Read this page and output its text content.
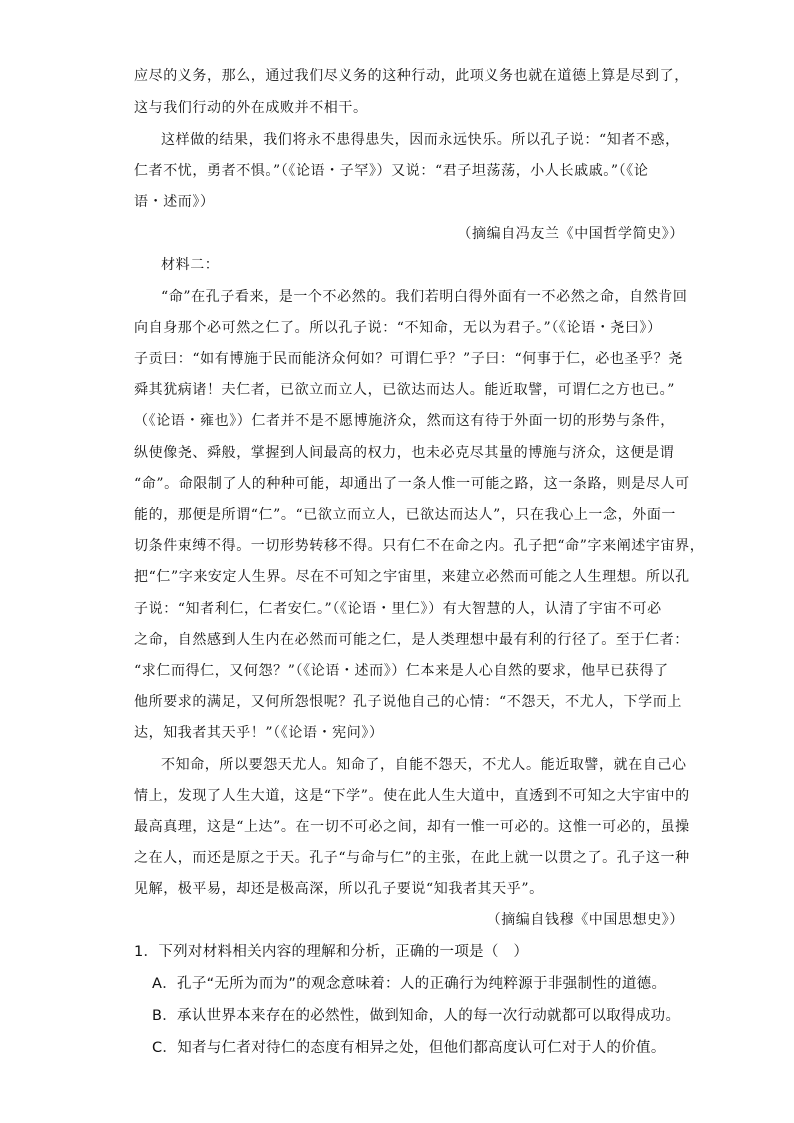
应尽的义务，那么，通过我们尽义务的这种行动，此项义务也就在道德上算是尽到了，
这与我们行动的外在成败并不相干。
这样做的结果，我们将永不患得患失，因而永远快乐。所以孔子说：“知者不惑，
仁者不忧，勇者不惧。”（《论语・子罕》）又说：“君子坦荡荡，小人长戚戚。”（《论
语・述而》）
（摘编自冯友兰《中国哲学简史》）
材料二：
“命”在孔子看来，是一个不必然的。我们若明白得外面有一不必然之命，自然肯回
向自身那个必可然之仁了。所以孔子说：“不知命，无以为君子。”（《论语・尧曰》）
子贡曰：“如有博施于民而能济众何如？可谓仁乎？”子曰：“何事于仁，必也圣乎？尧
舜其犹病诸！夫仁者，已欲立而立人，已欲达而达人。能近取譬，可谓仁之方也已。”
（《论语・雍也》）仁者并不是不愿博施济众，然而这有待于外面一切的形势与条件，
纵使像尧、舜般，掌握到人间最高的权力，也未必克尽其量的博施与济众，这便是谓
“命”。命限制了人的种种可能，却通出了一条人惟一可能之路，这一条路，则是尽人可
能的，那便是所谓“仁”。“已欲立而立人，已欲达而达人”，只在我心上一念，外面一
切条件束缚不得。一切形势转移不得。只有仁不在命之内。孔子把“命”字来阐述宇宙界，
把“仁”字来安定人生界。尽在不可知之宇宙里，来建立必然而可能之人生理想。所以孔
子说：“知者利仁，仁者安仁。”（《论语・里仁》）有大智慧的人，认清了宇宙不可必
之命，自然感到人生内在必然而可能之仁，是人类理想中最有利的行径了。至于仁者：
“求仁而得仁，又何怨？”（《论语・述而》）仁本来是人心自然的要求，他早已获得了
他所要求的满足，又何所怨恨呢？孔子说他自己的心情：“不怨天，不尤人，下学而上
达，知我者其天乎！”（《论语・宪问》）
不知命，所以要怨天尤人。知命了，自能不怨天，不尤人。能近取譬，就在自己心
情上，发现了人生大道，这是“下学”。使在此人生大道中，直透到不可知之大宇宙中的
最高真理，这是“上达”。在一切不可必之间，却有一惟一可必的。这惟一可必的，虽操
之在人，而还是原之于天。孔子“与命与仁”的主张，在此上就一以贯之了。孔子这一种
见解，极平易，却还是极高深，所以孔子要说“知我者其天乎”。
（摘编自钱穆《中国思想史》）
1．下列对材料相关内容的理解和分析，正确的一项是（　）
A．孔子“无所为而为”的观念意味着：人的正确行为纯粹源于非强制性的道德。
B．承认世界本来存在的必然性，做到知命，人的每一次行动就都可以取得成功。
C．知者与仁者对待仁的态度有相异之处，但他们都高度认可仁对于人的价值。
